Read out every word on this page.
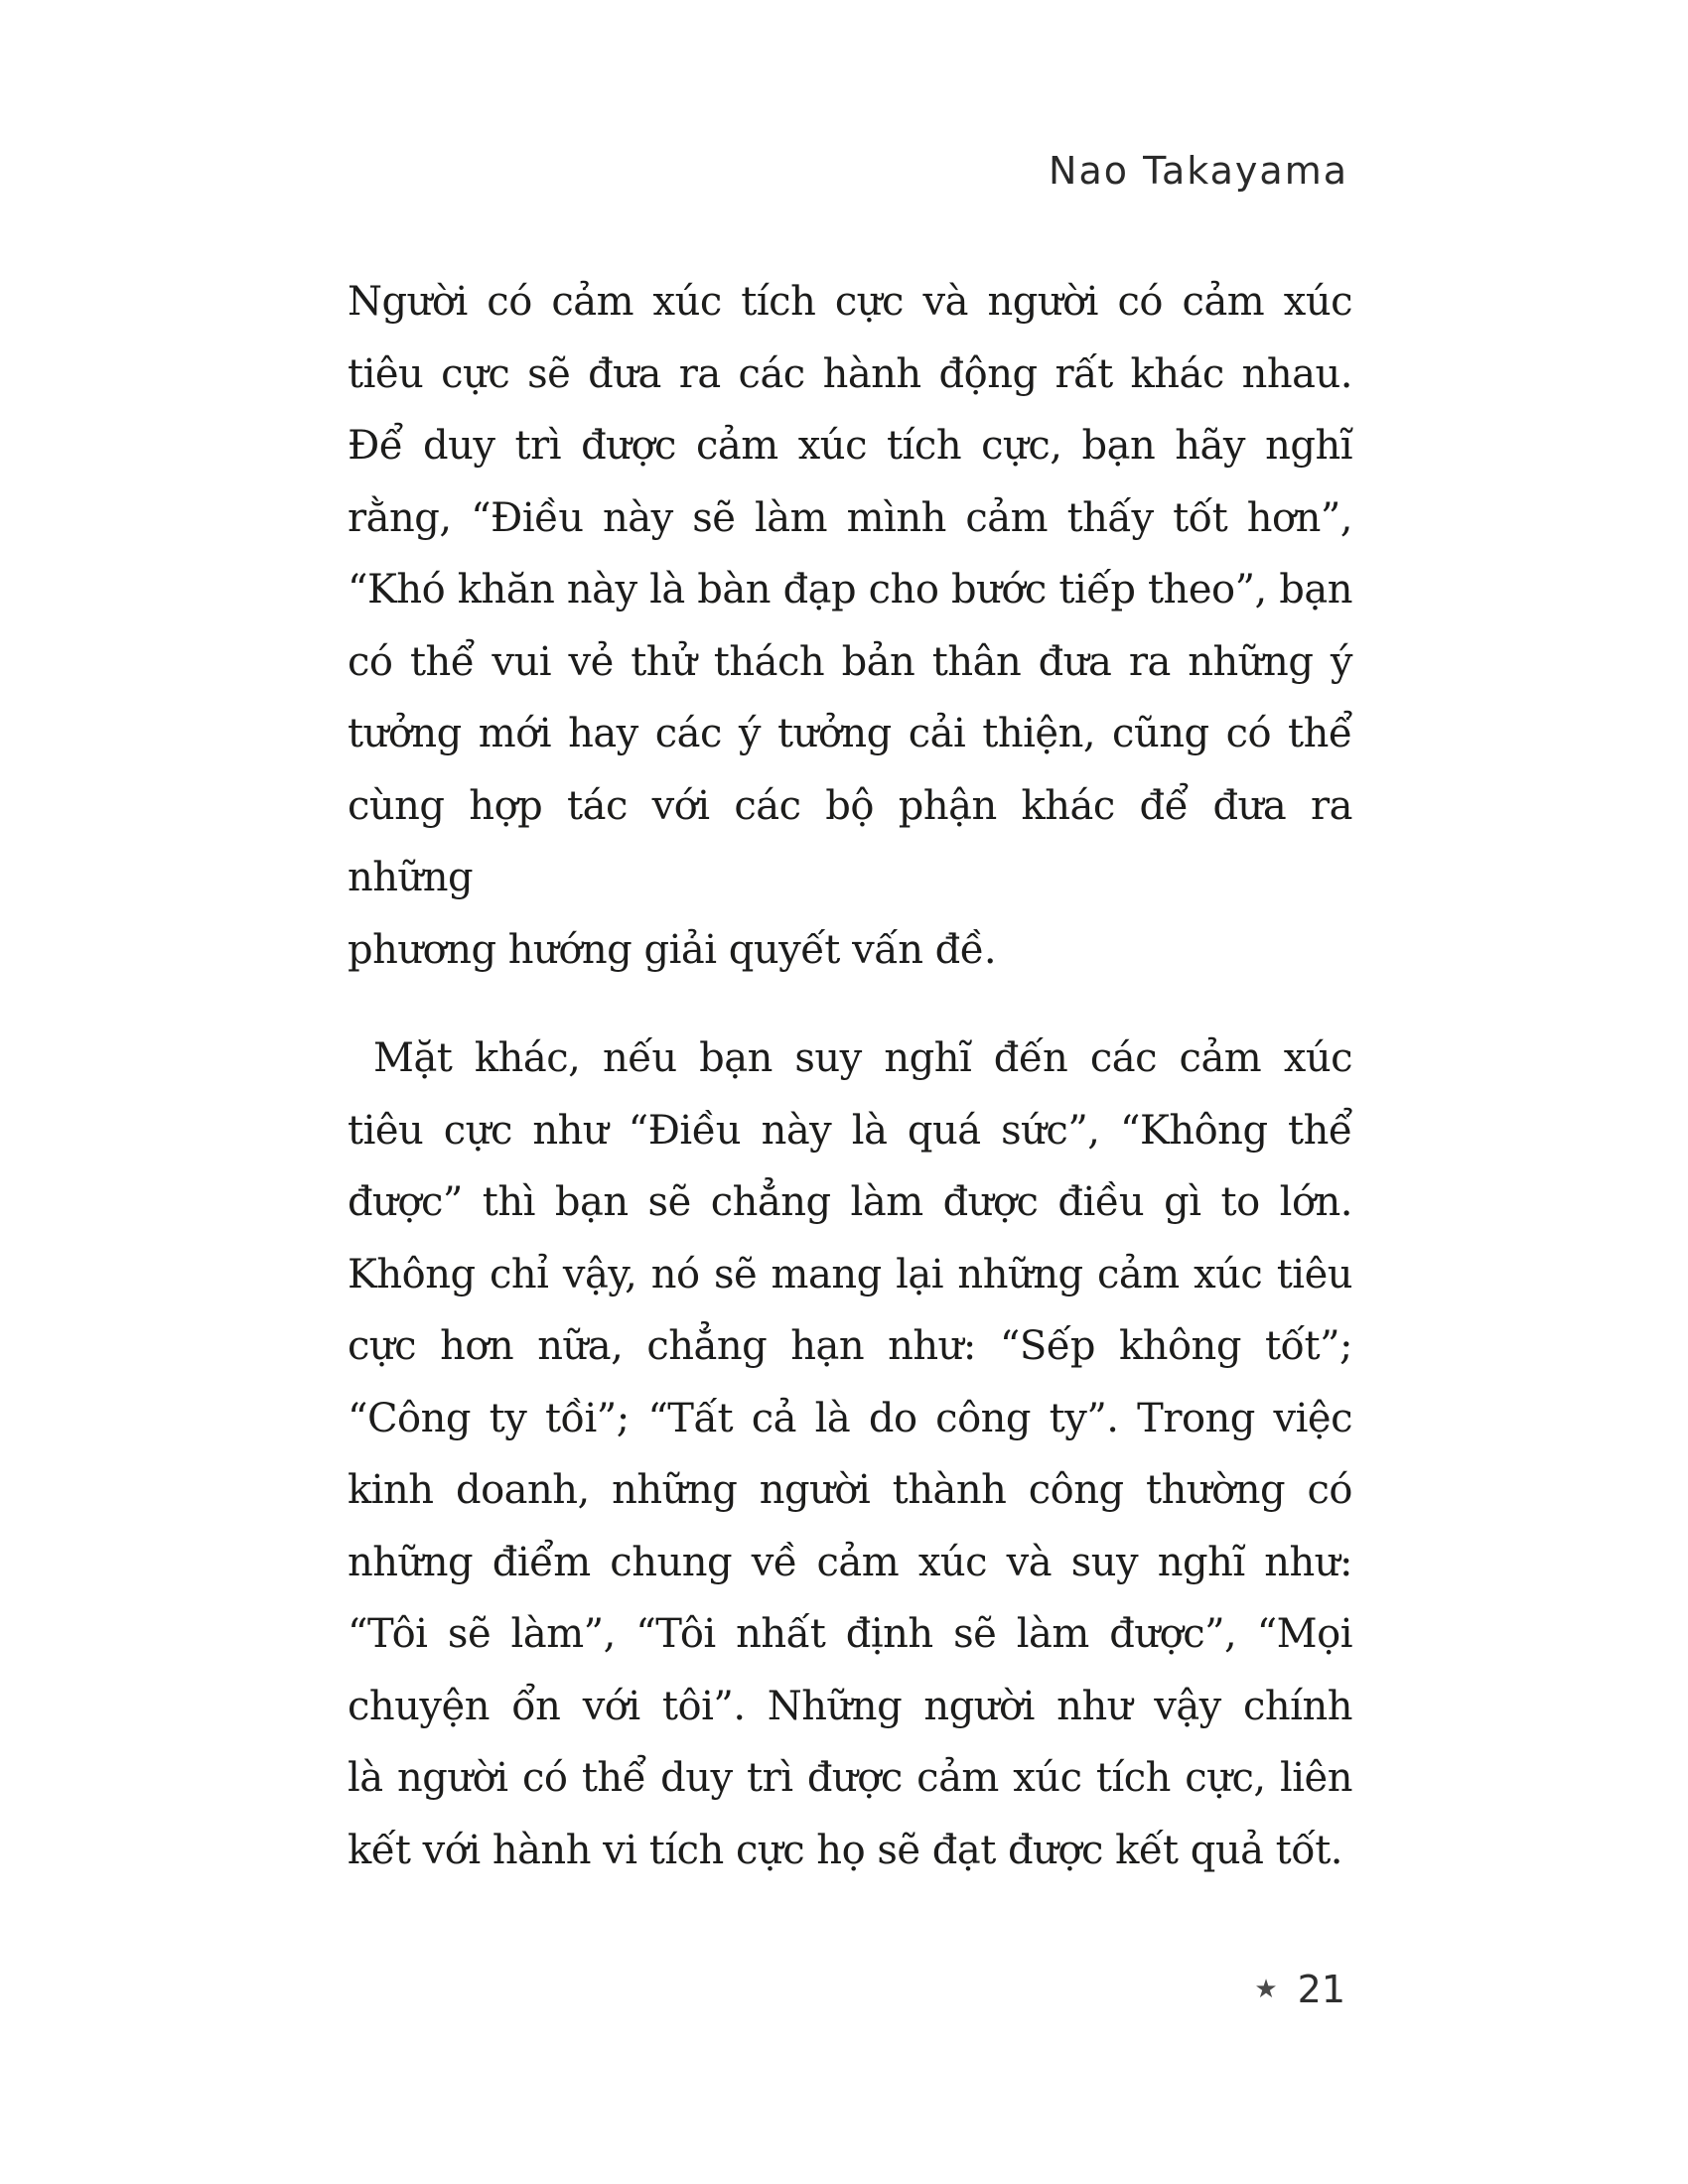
Nao Takayama
Người có cảm xúc tích cực và người có cảm xúc
tiêu cực sẽ đưa ra các hành động rất khác nhau.
Để duy trì được cảm xúc tích cực, bạn hãy nghĩ
rằng, “Điều này sẽ làm mình cảm thấy tốt hơn”,
“Khó khăn này là bàn đạp cho bước tiếp theo”, bạn
có thể vui vẻ thử thách bản thân đưa ra những ý
tưởng mới hay các ý tưởng cải thiện, cũng có thể
cùng hợp tác với các bộ phận khác để đưa ra những
phương hướng giải quyết vấn đề.
Mặt khác, nếu bạn suy nghĩ đến các cảm xúc
tiêu cực như “Điều này là quá sức”, “Không thể
được” thì bạn sẽ chẳng làm được điều gì to lớn.
Không chỉ vậy, nó sẽ mang lại những cảm xúc tiêu
cực hơn nữa, chẳng hạn như: “Sếp không tốt”;
“Công ty tồi”; “Tất cả là do công ty”. Trong việc
kinh doanh, những người thành công thường có
những điểm chung về cảm xúc và suy nghĩ như:
“Tôi sẽ làm”, “Tôi nhất định sẽ làm được”, “Mọi
chuyện ổn với tôi”. Những người như vậy chính
là người có thể duy trì được cảm xúc tích cực, liên
kết với hành vi tích cực họ sẽ đạt được kết quả tốt.
★ 21
